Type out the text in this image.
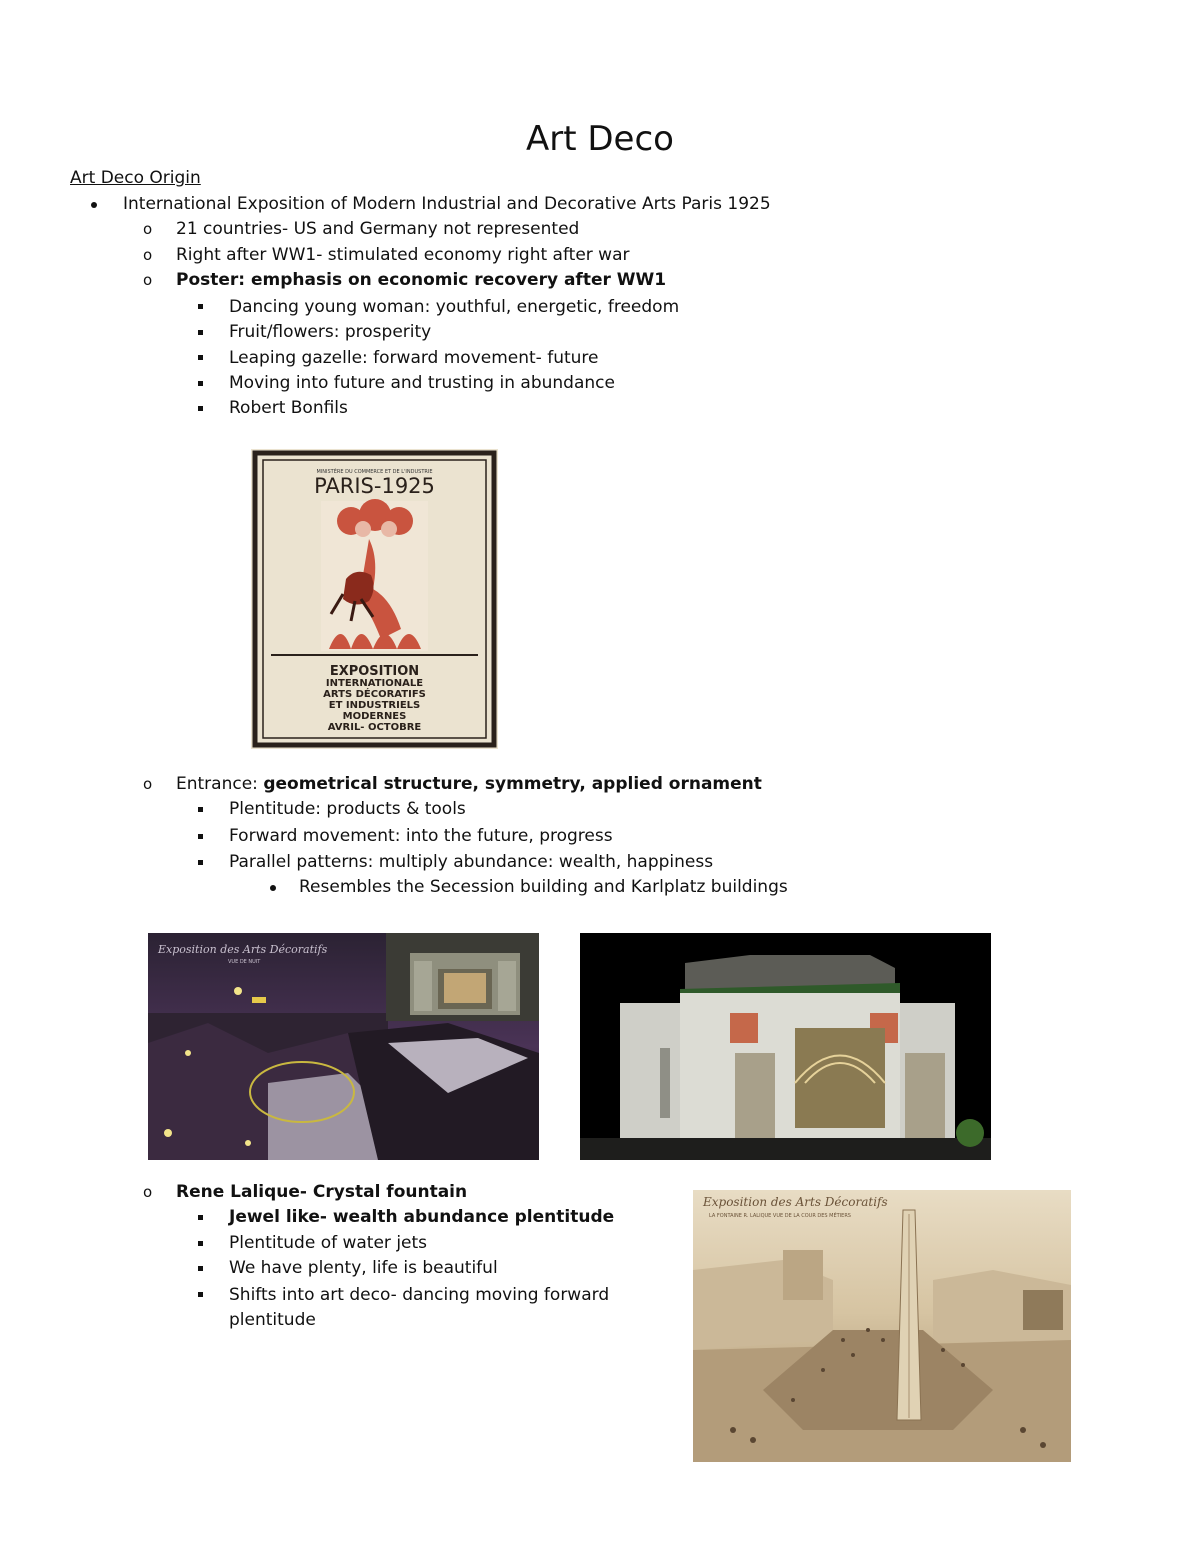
Art Deco
Art Deco Origin
International Exposition of Modern Industrial and Decorative Arts Paris 1925
o 21 countries- US and Germany not represented
o Right after WW1- stimulated economy right after war
o Poster: emphasis on economic recovery after WW1
Dancing young woman: youthful, energetic, freedom
Fruit/flowers: prosperity
Leaping gazelle: forward movement- future
Moving into future and trusting in abundance
Robert Bonfils
MINISTÈRE DU COMMERCE ET DE L'INDUSTRIE
PARIS-1925
EXPOSITION
INTERNATIONALE
ARTS DÉCORATIFS
ET INDUSTRIELS
MODERNES
AVRIL- OCTOBRE
o Entrance: geometrical structure, symmetry, applied ornament
Plentitude: products & tools
Forward movement: into the future, progress
Parallel patterns: multiply abundance: wealth, happiness
Resembles the Secession building and Karlplatz buildings
Exposition des Arts Décoratifs
VUE DE NUIT
o Rene Lalique- Crystal fountain
Jewel like- wealth abundance plentitude
Plentitude of water jets
We have plenty, life is beautiful
Shifts into art deco- dancing moving forward
plentitude
Exposition des Arts Décoratifs
LA FONTAINE R. LALIQUE VUE DE LA COUR DES MÉTIERS
